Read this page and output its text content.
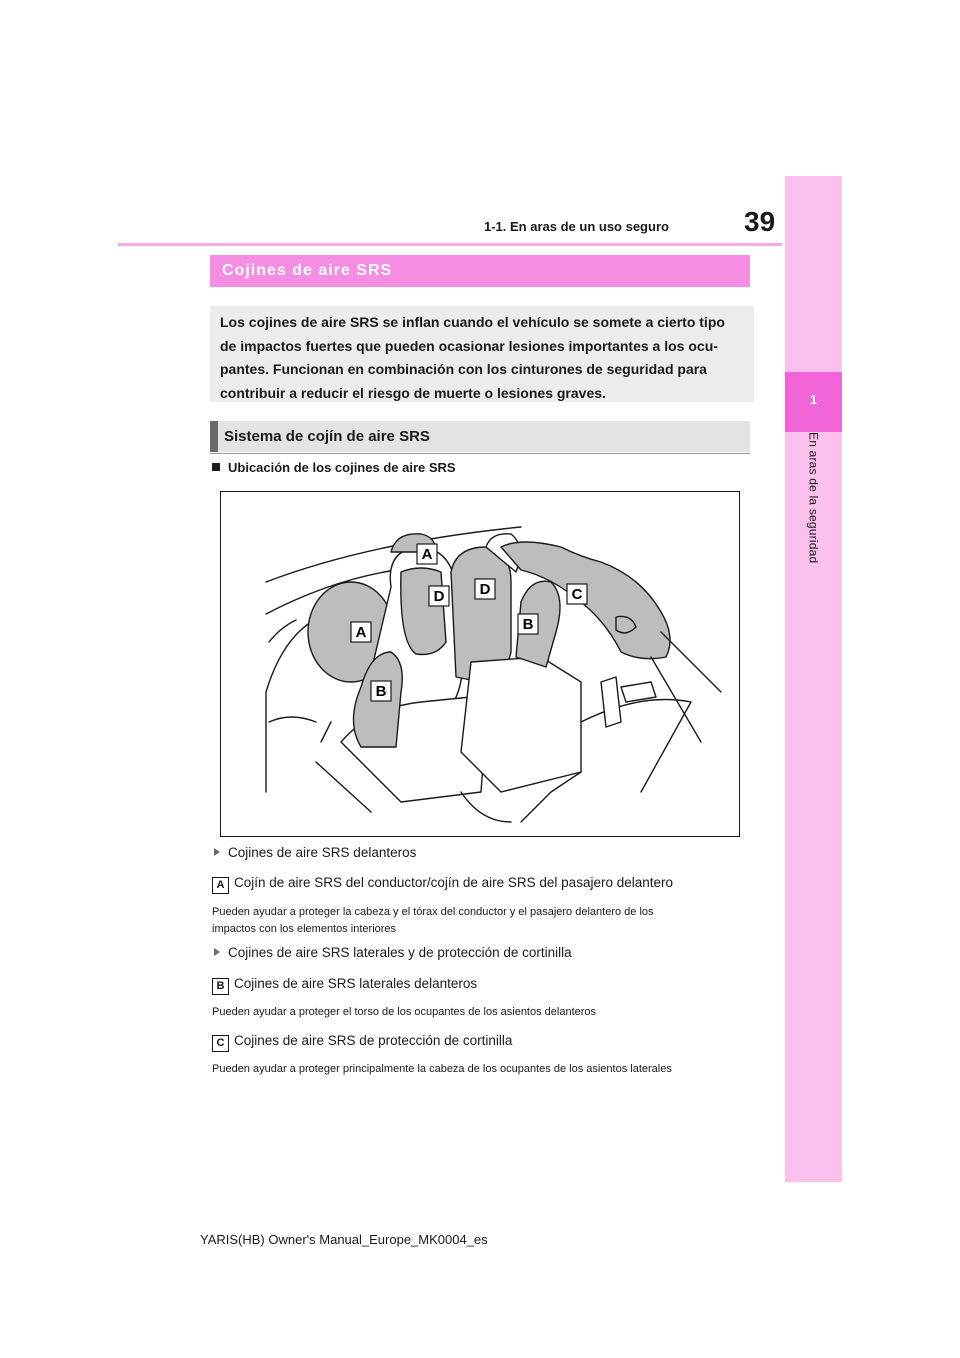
39
1-1. En aras de un uso seguro
1
En aras de la seguridad
Cojines de aire SRS
Los cojines de aire SRS se inflan cuando el vehículo se somete a cierto tipo
de impactos fuertes que pueden ocasionar lesiones importantes a los ocu-
pantes. Funcionan en combinación con los cinturones de seguridad para
contribuir a reducir el riesgo de muerte o lesiones graves.
Sistema de cojín de aire SRS
Ubicación de los cojines de aire SRS
A
A
B
B
C
D D
Cojines de aire SRS delanteros
A Cojín de aire SRS del conductor/cojín de aire SRS del pasajero delantero
Pueden ayudar a proteger la cabeza y el tórax del conductor y el pasajero delantero de los
impactos con los elementos interiores
Cojines de aire SRS laterales y de protección de cortinilla
B Cojines de aire SRS laterales delanteros
Pueden ayudar a proteger el torso de los ocupantes de los asientos delanteros
C Cojines de aire SRS de protección de cortinilla
Pueden ayudar a proteger principalmente la cabeza de los ocupantes de los asientos laterales
YARIS(HB) Owner's Manual_Europe_MK0004_es
